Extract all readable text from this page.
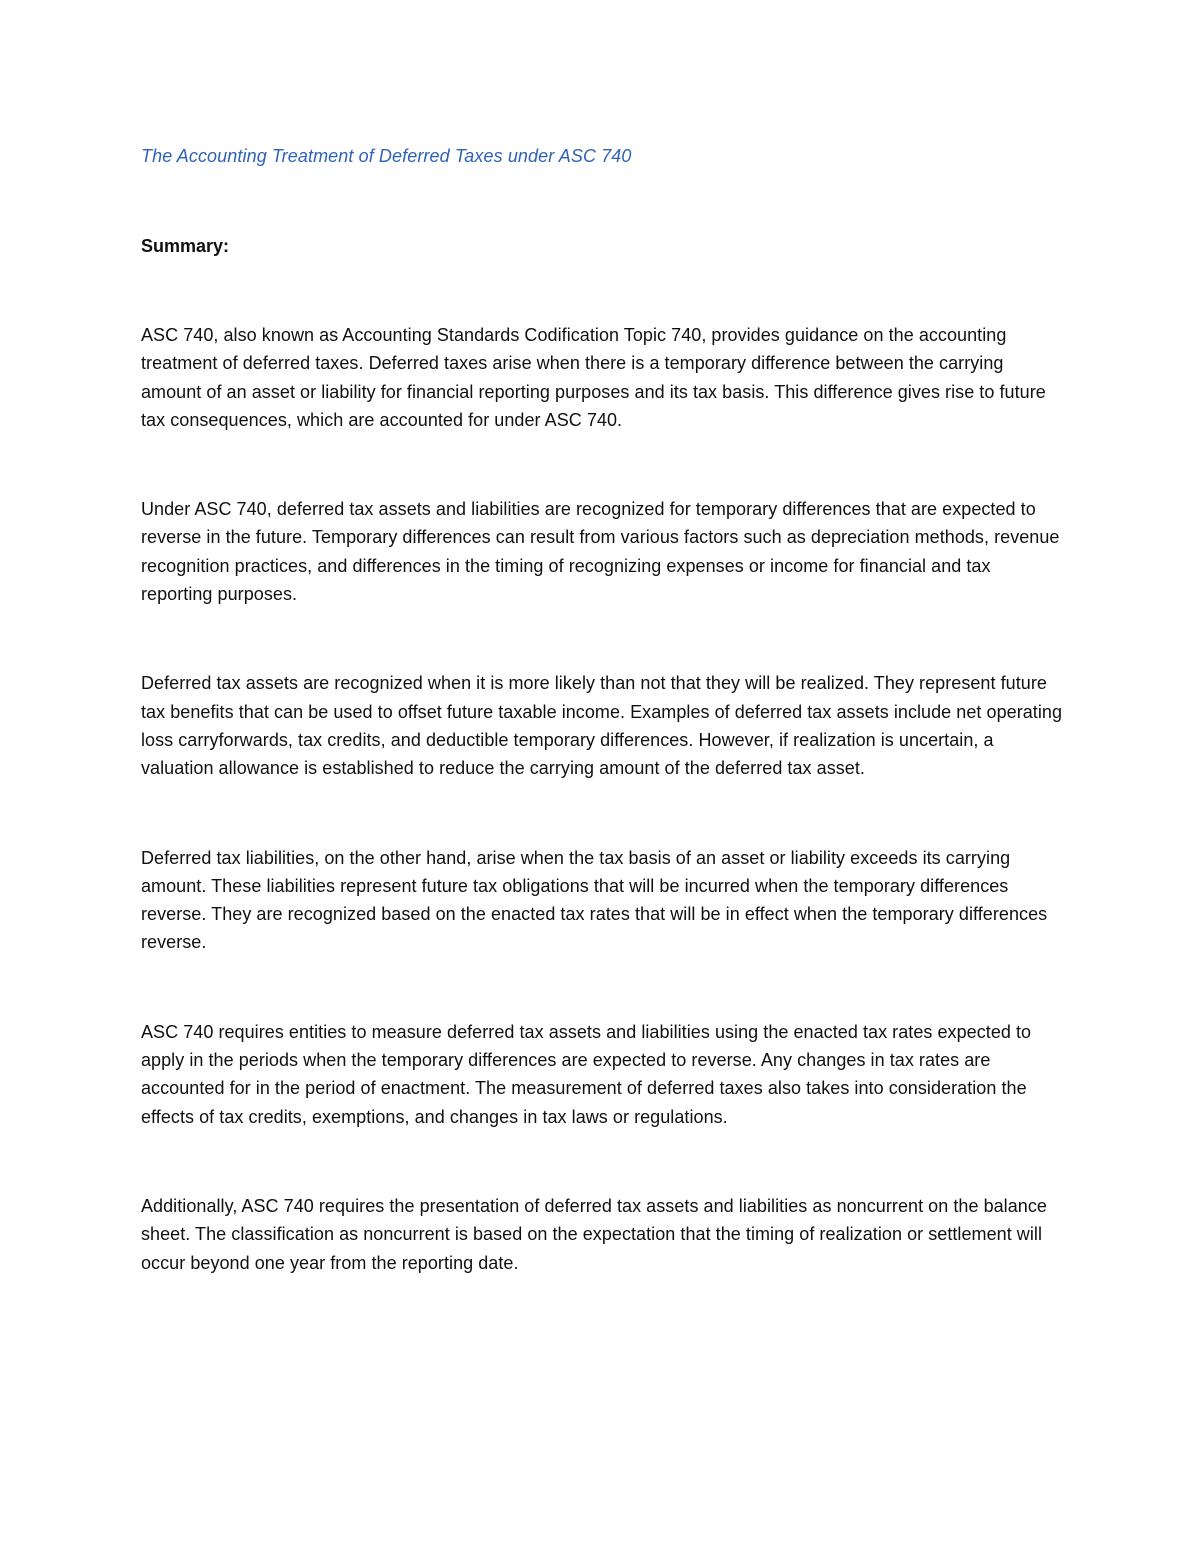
The Accounting Treatment of Deferred Taxes under ASC 740
Summary:

ASC 740, also known as Accounting Standards Codification Topic 740, provides guidance on the accounting treatment of deferred taxes. Deferred taxes arise when there is a temporary difference between the carrying amount of an asset or liability for financial reporting purposes and its tax basis. This difference gives rise to future tax consequences, which are accounted for under ASC 740.

Under ASC 740, deferred tax assets and liabilities are recognized for temporary differences that are expected to reverse in the future. Temporary differences can result from various factors such as depreciation methods, revenue recognition practices, and differences in the timing of recognizing expenses or income for financial and tax reporting purposes.

Deferred tax assets are recognized when it is more likely than not that they will be realized. They represent future tax benefits that can be used to offset future taxable income. Examples of deferred tax assets include net operating loss carryforwards, tax credits, and deductible temporary differences. However, if realization is uncertain, a valuation allowance is established to reduce the carrying amount of the deferred tax asset.

Deferred tax liabilities, on the other hand, arise when the tax basis of an asset or liability exceeds its carrying amount. These liabilities represent future tax obligations that will be incurred when the temporary differences reverse. They are recognized based on the enacted tax rates that will be in effect when the temporary differences reverse.

ASC 740 requires entities to measure deferred tax assets and liabilities using the enacted tax rates expected to apply in the periods when the temporary differences are expected to reverse. Any changes in tax rates are accounted for in the period of enactment. The measurement of deferred taxes also takes into consideration the effects of tax credits, exemptions, and changes in tax laws or regulations.

Additionally, ASC 740 requires the presentation of deferred tax assets and liabilities as noncurrent on the balance sheet. The classification as noncurrent is based on the expectation that the timing of realization or settlement will occur beyond one year from the reporting date.
